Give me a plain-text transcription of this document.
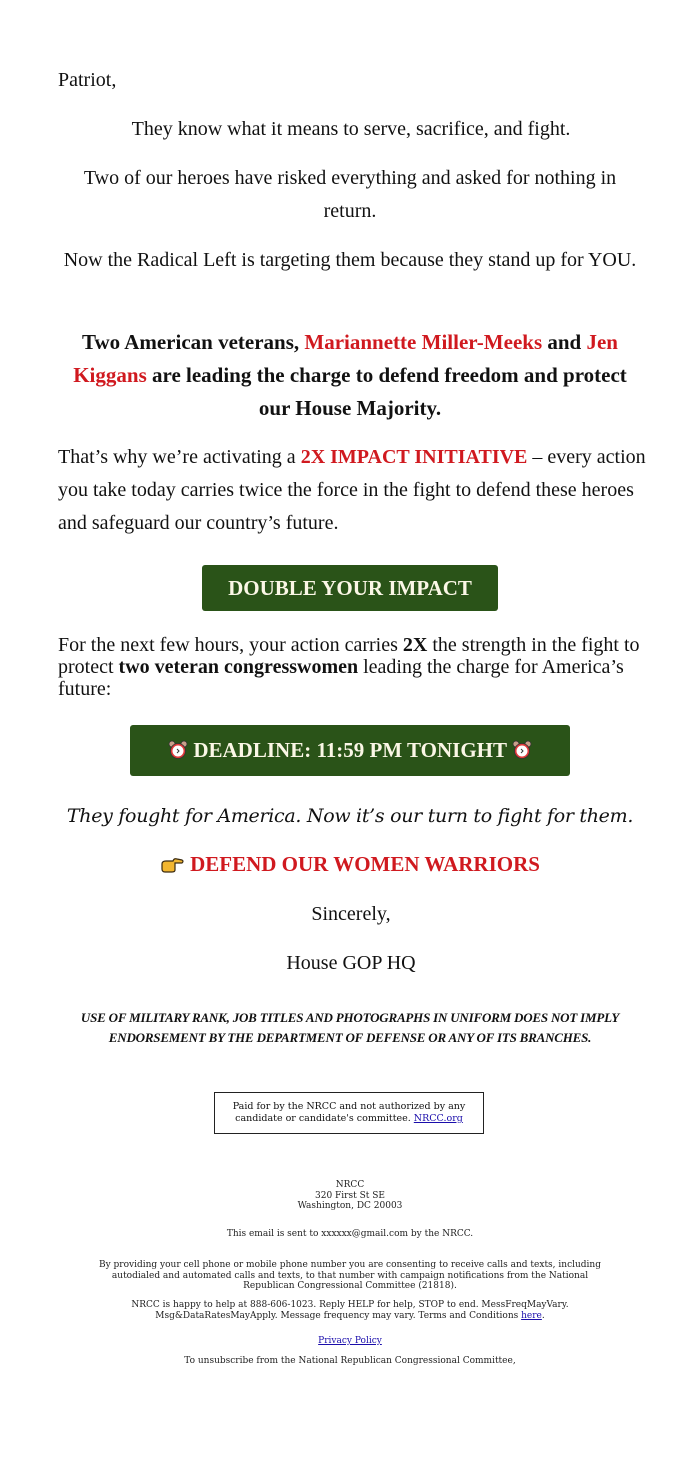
Patriot,

They know what it means to serve, sacrifice, and fight.

Two of our heroes have risked everything and asked for nothing in return.

Now the Radical Left is targeting them because they stand up for YOU.

Two American veterans, Mariannette Miller-Meeks and Jen Kiggans are leading the charge to defend freedom and protect our House Majority.

That’s why we’re activating a 2X IMPACT INITIATIVE – every action you take today carries twice the force in the fight to defend these heroes and safeguard our country’s future.

DOUBLE YOUR IMPACT

For the next few hours, your action carries 2X the strength in the fight to protect two veteran congresswomen leading the charge for America’s future:

DEADLINE: 11:59 PM TONIGHT

They fought for America. Now it’s our turn to fight for them.

DEFEND OUR WOMEN WARRIORS

Sincerely,

House GOP HQ

USE OF MILITARY RANK, JOB TITLES AND PHOTOGRAPHS IN UNIFORM DOES NOT IMPLY ENDORSEMENT BY THE DEPARTMENT OF DEFENSE OR ANY OF ITS BRANCHES.

Paid for by the NRCC and not authorized by any candidate or candidate's committee. NRCC.org
NRCC
320 First St SE
Washington, DC 20003
This email is sent to xxxxxx@gmail.com by the NRCC.
By providing your cell phone or mobile phone number you are consenting to receive calls and texts, including autodialed and automated calls and texts, to that number with campaign notifications from the National Republican Congressional Committee (21818).
NRCC is happy to help at 888-606-1023. Reply HELP for help, STOP to end. MessFreqMayVary. Msg&DataRatesMayApply. Message frequency may vary. Terms and Conditions here.
Privacy Policy
To unsubscribe from the National Republican Congressional Committee,
